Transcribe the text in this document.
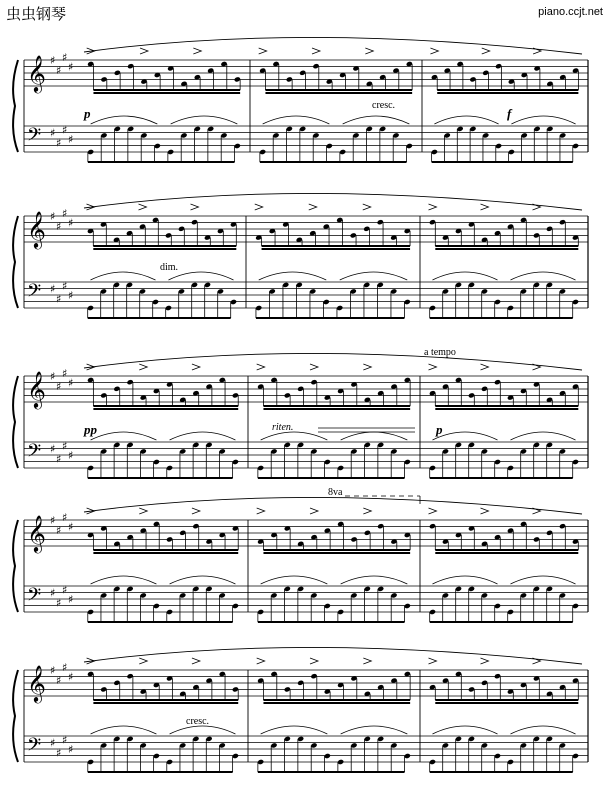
虫虫钢琴	piano.ccjt.net
𝄞 ♯
♯
♯
♯
𝄢 ♯
♯
♯
♯
p
cresc.
f
𝄞 ♯
♯
♯
♯
𝄢 ♯
♯
♯
♯
dim.
𝄞 ♯
♯
♯
♯
𝄢 ♯
♯
♯
♯
pp	riten.
a tempo
p
𝄞 ♯
♯
♯
♯
𝄢 ♯
♯
♯
♯
8va
𝄞 ♯
♯
♯
♯
𝄢 ♯
♯
♯
♯
cresc.
